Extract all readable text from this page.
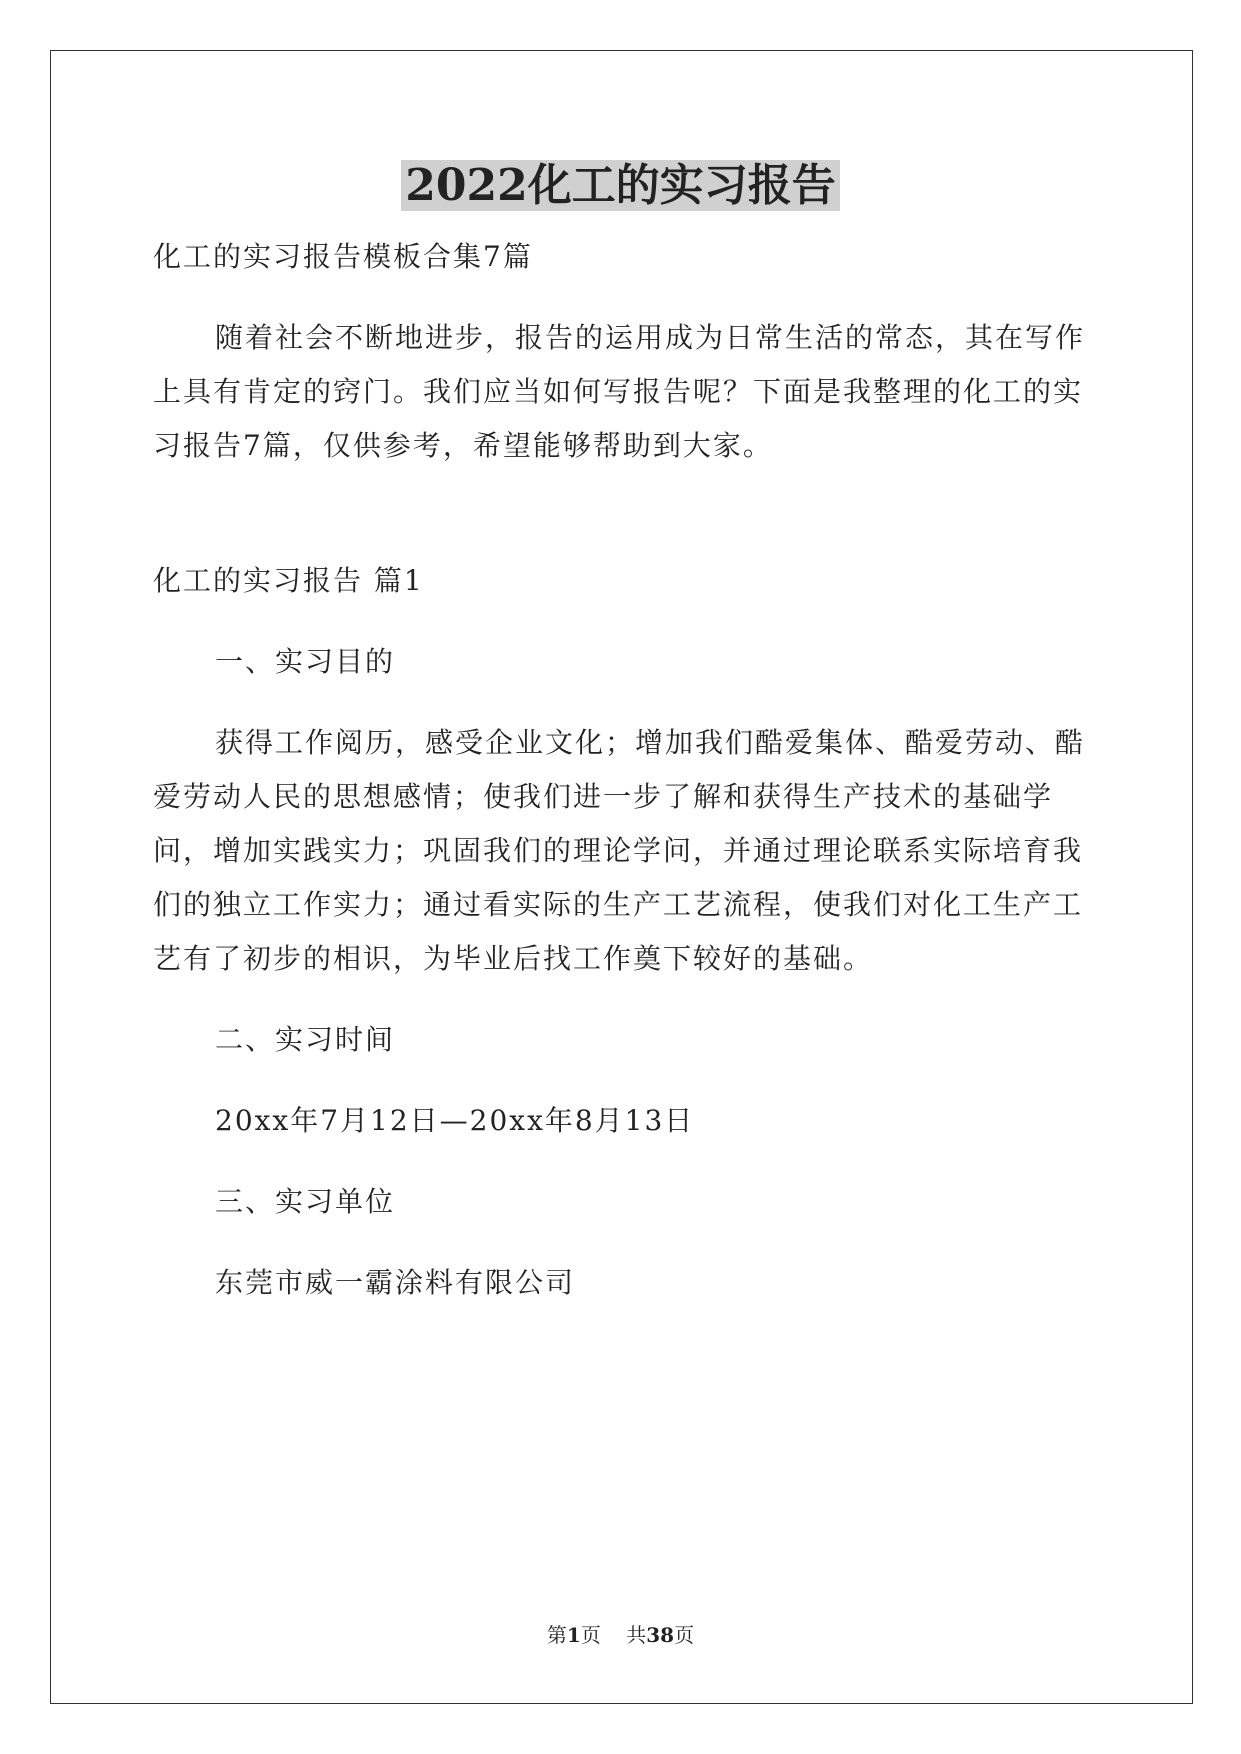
2022化工的实习报告

化工的实习报告模板合集7篇

随着社会不断地进步，报告的运用成为日常生活的常态，其在写作上具有肯定的窍门。我们应当如何写报告呢？下面是我整理的化工的实习报告7篇，仅供参考，希望能够帮助到大家。

化工的实习报告 篇1

一、实习目的

获得工作阅历，感受企业文化；增加我们酷爱集体、酷爱劳动、酷爱劳动人民的思想感情；使我们进一步了解和获得生产技术的基础学问，增加实践实力；巩固我们的理论学问，并通过理论联系实际培育我们的独立工作实力；通过看实际的生产工艺流程，使我们对化工生产工艺有了初步的相识，为毕业后找工作奠下较好的基础。

二、实习时间

20xx年7月12日—20xx年8月13日

三、实习单位

东莞市威一霸涂料有限公司

第1页 共38页
